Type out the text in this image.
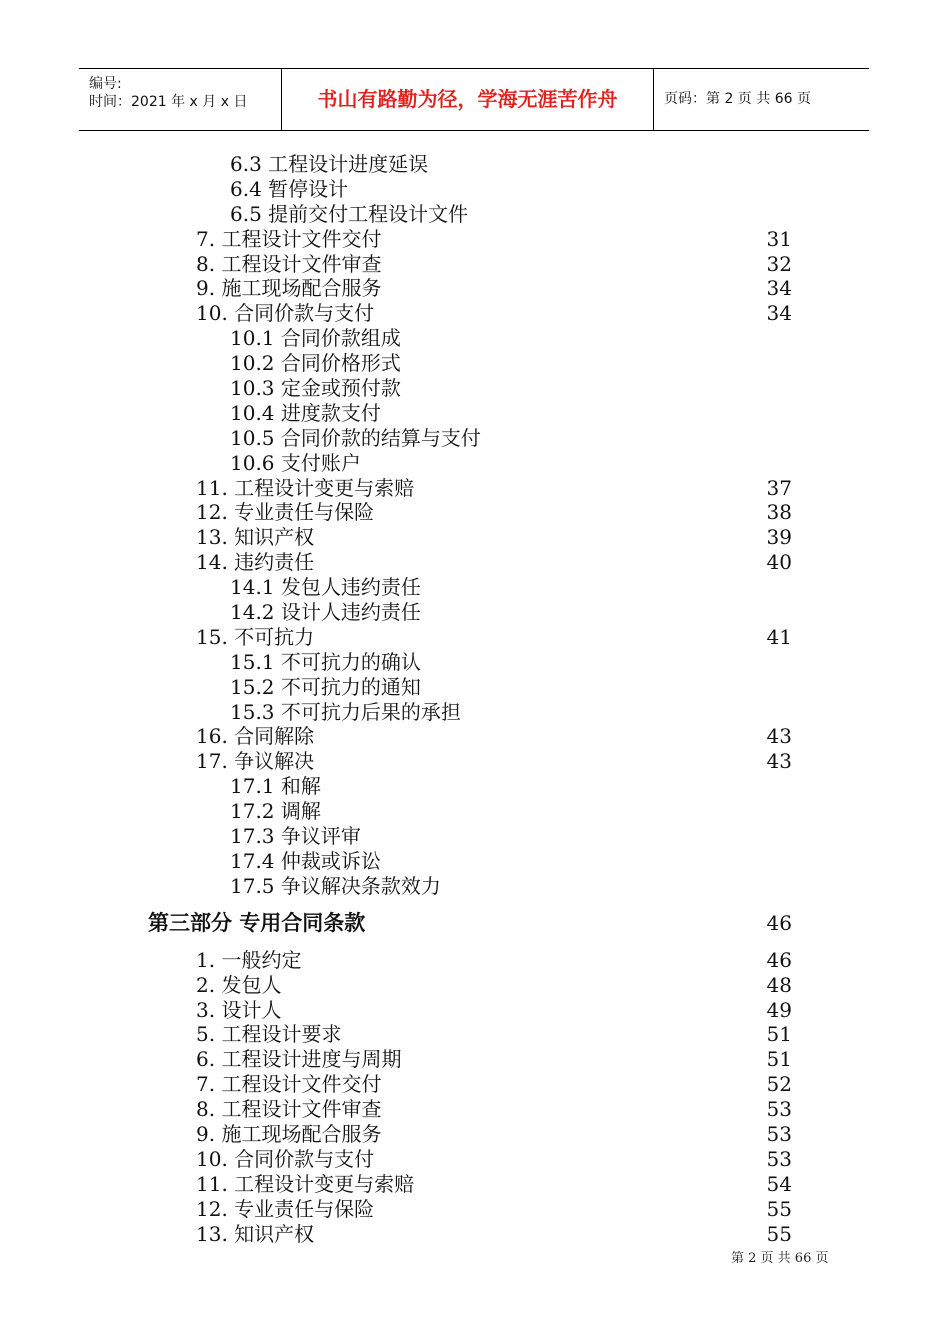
编号:
时间：2021 年 x 月 x 日	书山有路勤为径，学海无涯苦作舟	页码：第 2 页 共 66 页
6.3 工程设计进度延误
6.4 暂停设计
6.5 提前交付工程设计文件
7. 工程设计文件交付	31
8. 工程设计文件审查	32
9. 施工现场配合服务	34
10. 合同价款与支付	34
10.1 合同价款组成
10.2 合同价格形式
10.3 定金或预付款
10.4 进度款支付
10.5 合同价款的结算与支付
10.6 支付账户
11. 工程设计变更与索赔	37
12. 专业责任与保险	38
13. 知识产权	39
14. 违约责任	40
14.1 发包人违约责任
14.2 设计人违约责任
15. 不可抗力	41
15.1 不可抗力的确认
15.2 不可抗力的通知
15.3 不可抗力后果的承担
16. 合同解除	43
17. 争议解决	43
17.1 和解
17.2 调解
17.3 争议评审
17.4 仲裁或诉讼
17.5 争议解决条款效力
第三部分 专用合同条款	46
1. 一般约定	46
2. 发包人	48
3. 设计人	49
5. 工程设计要求	51
6. 工程设计进度与周期	51
7. 工程设计文件交付	52
8. 工程设计文件审查	53
9. 施工现场配合服务	53
10. 合同价款与支付	53
11. 工程设计变更与索赔	54
12. 专业责任与保险	55
13. 知识产权	55
第 2 页 共 66 页
